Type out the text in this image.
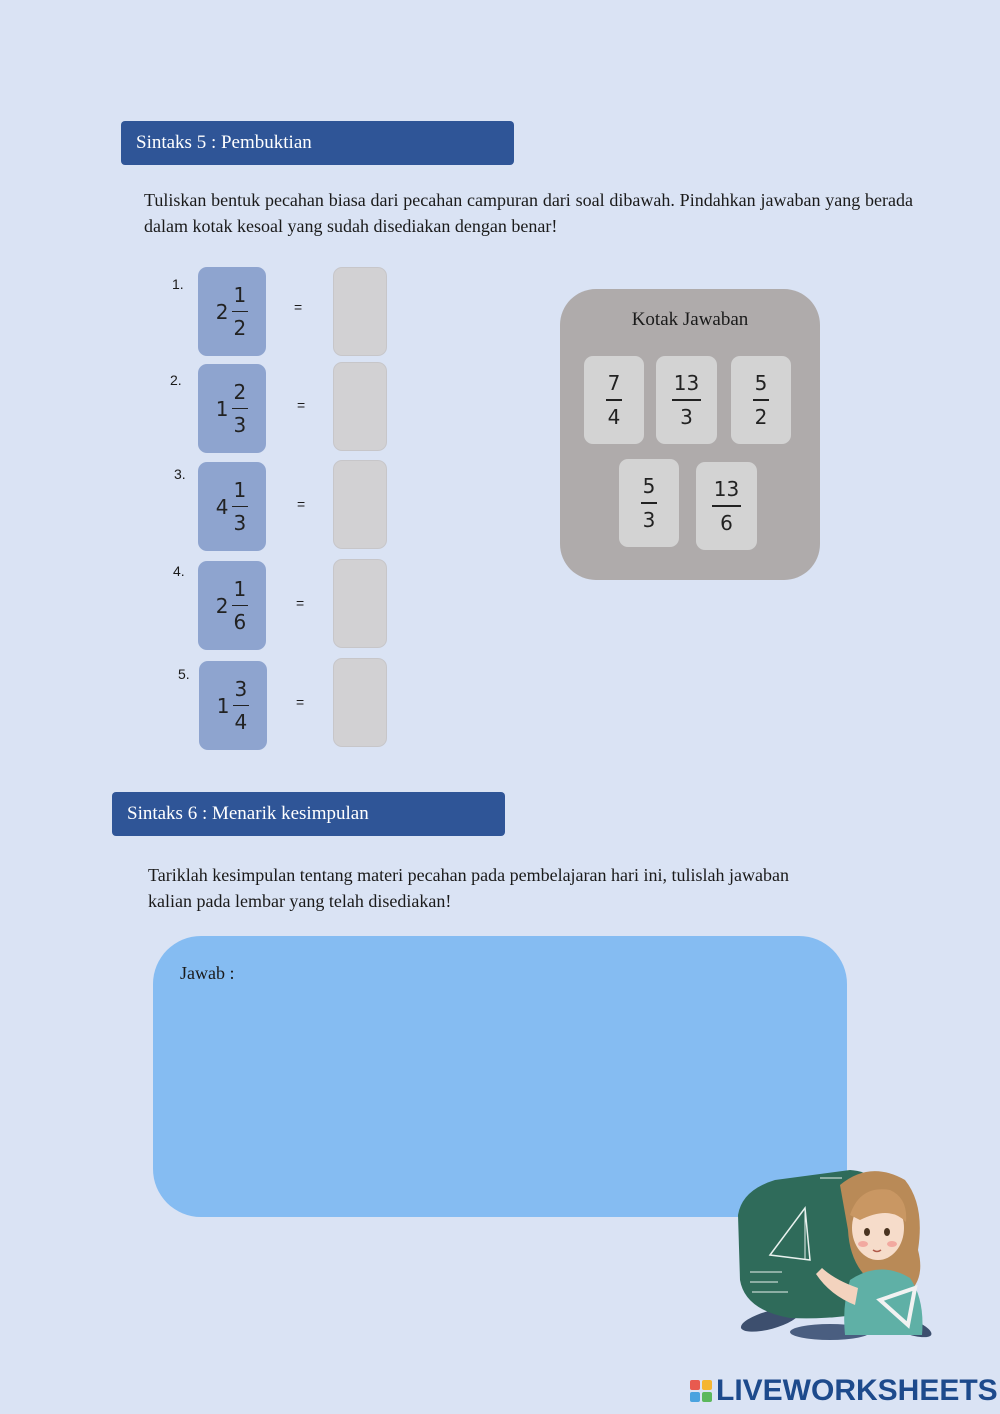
Sintaks 5 : Pembuktian

Tuliskan bentuk pecahan biasa dari pecahan campuran dari soal dibawah. Pindahkan jawaban yang berada dalam kotak kesoal yang sudah disediakan dengan benar!

1.
$2 \frac{1}{2}$	=
2.
$1 \frac{2}{3}$	=
3.
$4 \frac{1}{3}$	=
4.
$2 \frac{1}{6}$	=
5.
$1 \frac{3}{4}$	=
Kotak Jawaban
$\frac{7}{4} \frac{13}{3}$	$\frac{5}{2}$
$\frac{5}{3}$	$\frac{13}{6}$
Sintaks 6 : Menarik kesimpulan
Tariklah kesimpulan tentang materi pecahan pada pembelajaran hari ini, tulislah jawaban
kalian pada lembar yang telah disediakan!
Jawab :
LIVEWORKSHEETS
